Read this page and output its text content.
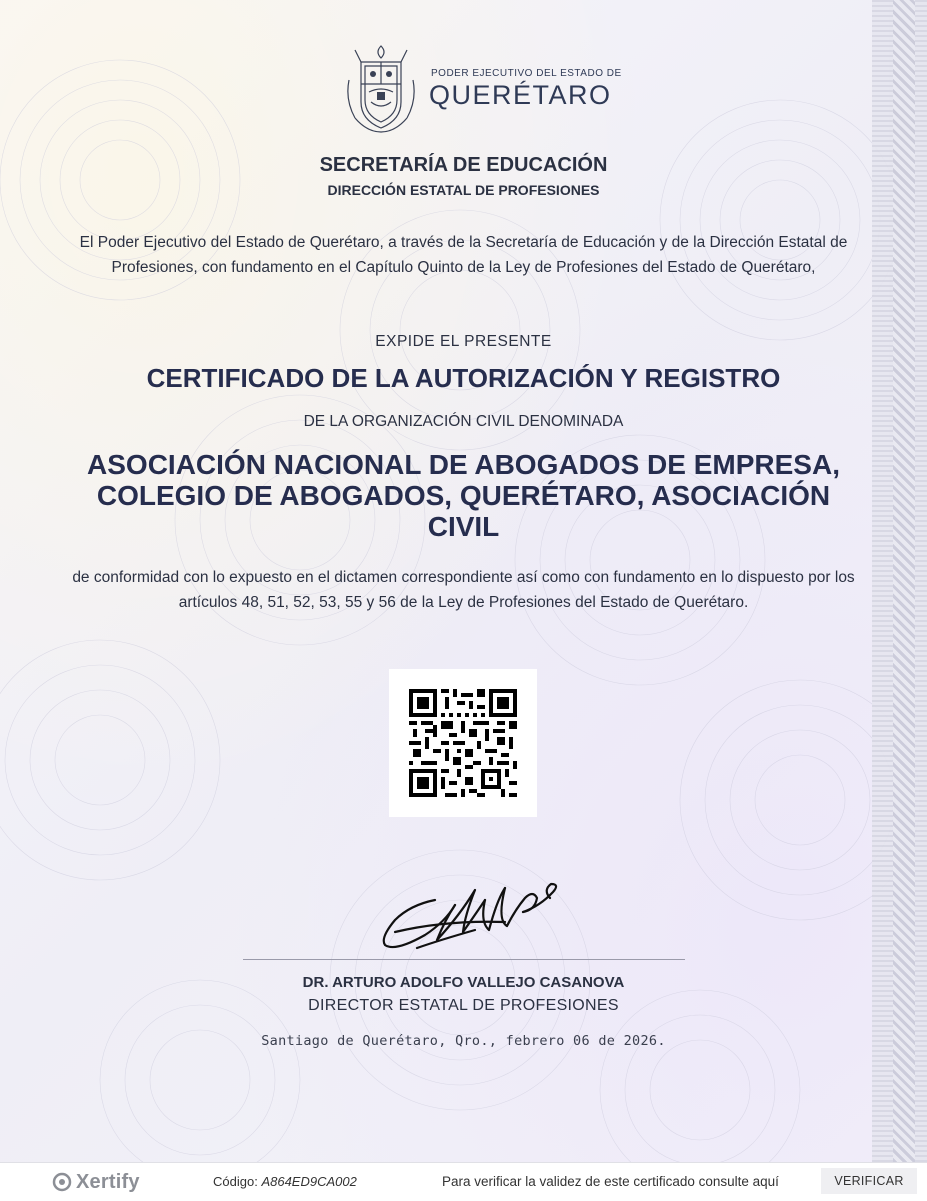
PODER EJECUTIVO DEL ESTADO DE
QUERÉTARO
SECRETARÍA DE EDUCACIÓN
DIRECCIÓN ESTATAL DE PROFESIONES
El Poder Ejecutivo del Estado de Querétaro, a través de la Secretaría de Educación y de la Dirección Estatal de Profesiones, con fundamento en el Capítulo Quinto de la Ley de Profesiones del Estado de Querétaro,
EXPIDE EL PRESENTE
CERTIFICADO DE LA AUTORIZACIÓN Y REGISTRO
DE LA ORGANIZACIÓN CIVIL DENOMINADA
ASOCIACIÓN NACIONAL DE ABOGADOS DE EMPRESA, COLEGIO DE ABOGADOS, QUERÉTARO, ASOCIACIÓN CIVIL
de conformidad con lo expuesto en el dictamen correspondiente así como con fundamento en lo dispuesto por los artículos 48, 51, 52, 53, 55 y 56 de la Ley de Profesiones del Estado de Querétaro.
DR. ARTURO ADOLFO VALLEJO CASANOVA
DIRECTOR ESTATAL DE PROFESIONES
Santiago de Querétaro, Qro., febrero 06 de 2026.
Xertify	Código: A864ED9CA002	Para verificar la validez de este certificado consulte aquí	VERIFICAR
